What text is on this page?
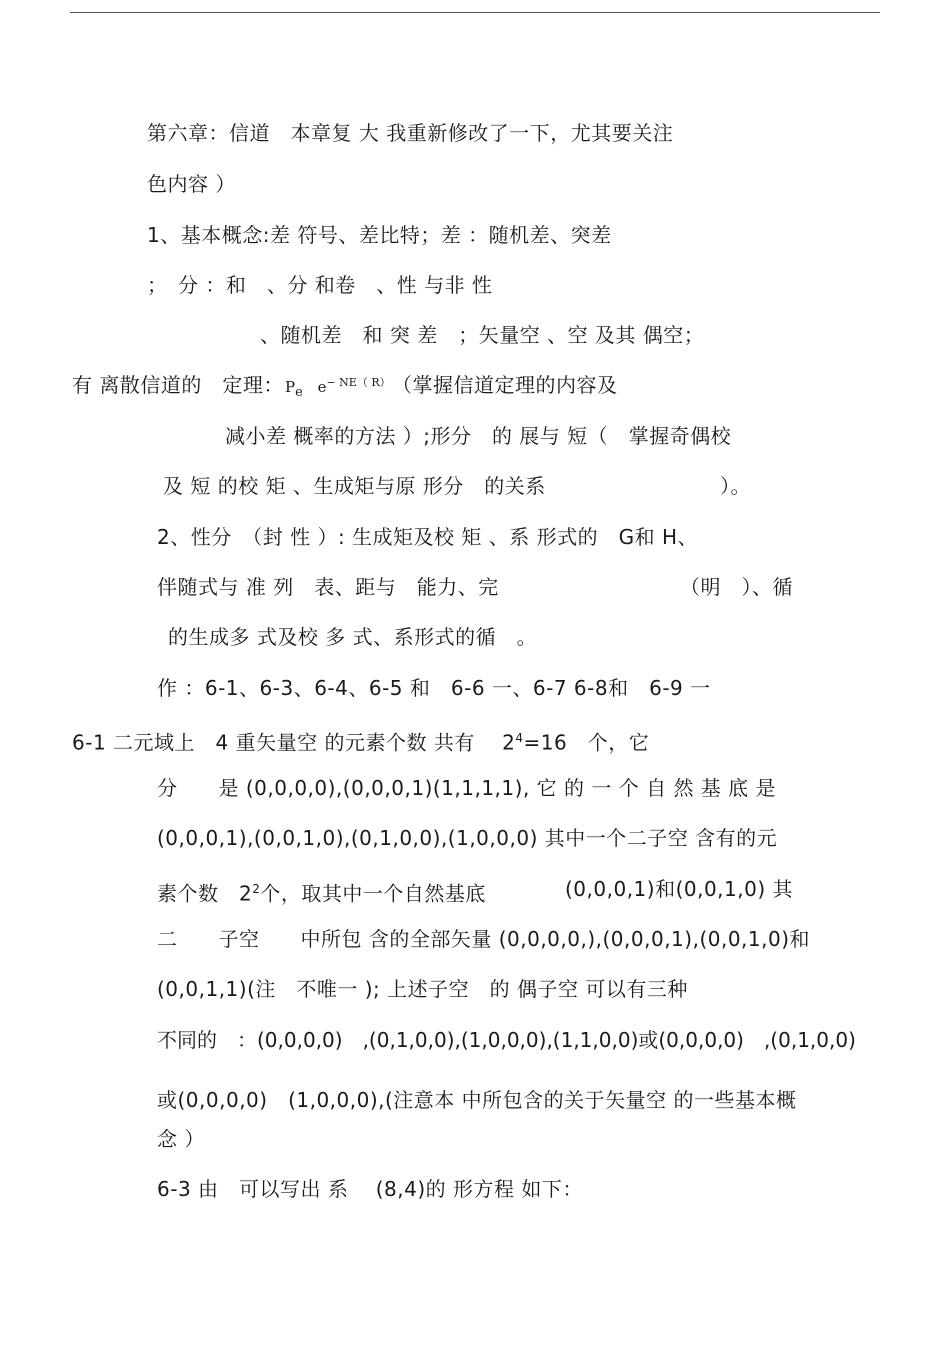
第六章：信道　本章复 大 我重新修改了一下，尤其要关注
色内容 ）
1、基本概念:差 符号、差比特；差 ：随机差、突差
；　分 ：和　、分 和卷　、性 与非 性
、随机差　和 突 差　；矢量空 、空 及其 偶空；
有 离散信道的　定理： Pe $e^{- NE( R)}$ （掌握信道定理的内容及
减小差 概率的方法 ）;形分　的 展与 短（　掌握奇偶校
及 短 的校 矩 、生成矩与原 形分　的关系	）。
2、性分　（封 性 ）: 生成矩及校 矩 、系 形式的　G和 H、
伴随式与 准 列　表、距与　能力、完	（明　）、循
的生成多 式及校 多 式、系形式的循　。
作 ：6-1、6-3、6-4、6-5 和　6-6 一、6-7 6-8和　6-9 一
6-1 二元域上　4 重矢量空 的元素个数 共有　 $2^4=16$　个，它
分　　是 (0,0,0,0),(0,0,0,1)(1,1,1,1), 它 的 一 个 自 然 基 底 是
(0,0,0,1),(0,0,1,0),(0,1,0,0),(1,0,0,0) 其中一个二子空 含有的元
素个数　$2^2$个，取其中一个自然基底	(0,0,0,1)和(0,0,1,0) 其
二　　子空　　中所包 含的全部矢量 (0,0,0,0,),(0,0,0,1),(0,0,1,0)和
(0,0,1,1)(注　不唯一 ); 上述子空　的 偶子空 可以有三种
不同的　：(0,0,0,0)　,(0,1,0,0),(1,0,0,0),(1,1,0,0)或(0,0,0,0)　,(0,1,0,0)
或(0,0,0,0)　(1,0,0,0),(注意本 中所包含的关于矢量空 的一些基本概
念 ）
6-3 由　可以写出 系　 (8,4)的 形方程 如下：
